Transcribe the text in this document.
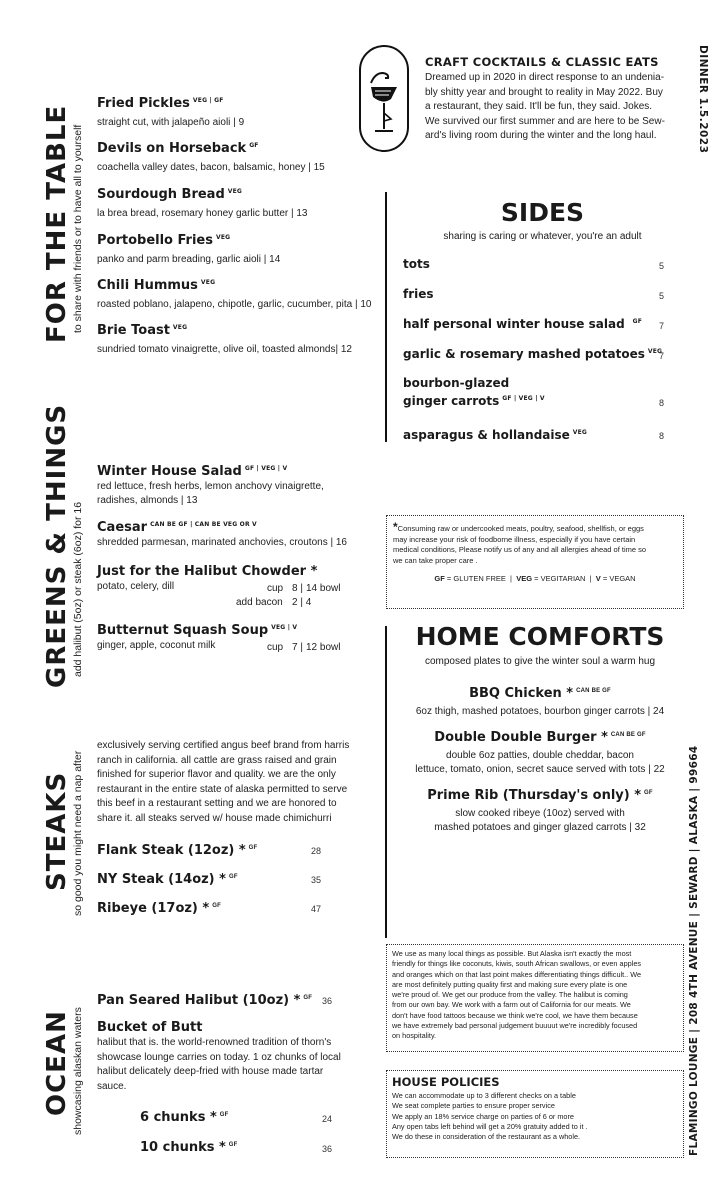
CRAFT COCKTAILS & CLASSIC EATS
Dreamed up in 2020 in direct response to an undenia-
bly shitty year and brought to reality in May 2022. Buy
a restaurant, they said. It'll be fun, they said. Jokes.
We survived our first summer and are here to be Sew-
ard's living room during the winter and the long haul.	DINNER 1.5.2023
FLAMINGO LOUNGE | 208 4TH AVENUE | SEWARD | ALASKA | 99664
FOR THE TABLE to share with friends or to have all to yourself
Fried Pickles $^{VEG | GF}$
straight cut, with jalapeño aioli | 9
Devils on Horseback $^{GF}$
coachella valley dates, bacon, balsamic, honey | 15
Sourdough Bread $^{VEG}$
la brea bread, rosemary honey garlic butter | 13
Portobello Fries $^{VEG}$
panko and parm breading, garlic aioli | 14
Chili Hummus $^{VEG}$
roasted poblano, jalapeno, chipotle, garlic, cucumber, pita | 10
Brie Toast $^{VEG}$
sundried tomato vinaigrette, olive oil, toasted almonds| 12
GREENS & THINGS add halibut (5oz) or steak (6oz) for 16
Winter House Salad $^{GF | VEG | V}$
red lettuce, fresh herbs, lemon anchovy vinaigrette,
radishes, almonds | 13
Caesar $^{CAN BE GF | CAN BE VEG OR V}$
shredded parmesan, marinated anchovies, croutons | 16
Just for the Halibut Chowder *
potato, celery, dill	cup 8 | 14 bowl
add bacon 2 | 4
Butternut Squash Soup $^{VEG | V}$
ginger, apple, coconut milk	cup 7 | 12 bowl
STEAKS so good you might need a nap after
exclusively serving certified angus beef brand from harris
ranch in california. all cattle are grass raised and grain
finished for superior flavor and quality. we are the only
restaurant in the entire state of alaska permitted to serve
this beef in a restaurant setting and we are honored to
share it. all steaks served w/ house made chimichurri
Flank Steak (12oz) * $^{GF}$	28
NY Steak (14oz) * $^{GF}$	35
Ribeye (17oz) * $^{GF}$	47
OCEAN showcasing alaskan waters
Pan Seared Halibut (10oz) * $^{GF}$ 36
Bucket of Butt
halibut that is. the world-renowned tradition of thorn's
showcase lounge carries on today. 1 oz chunks of local
halibut delicately deep-fried with house made tartar
sauce.
6 chunks * $^{GF}$	24
10 chunks * $^{GF}$	36
SIDES
sharing is caring or whatever, you're an adult
tots	5
fries	5
half personal winter house salad $^{GF}$ 7
garlic & rosemary mashed potatoes $^{VEG}$
7
bourbon-glazed
ginger carrots $^{GF | VEG | V}$	8
asparagus & hollandaise $^{VEG}$	8
*Consuming raw or undercooked meats, poultry, seafood, shellfish, or eggs
may increase your risk of foodborne illness, especially if you have certain
medical conditions, Please notify us of any and all allergies ahead of time so
we can take proper care .
GF = GLUTEN FREE  |  VEG = VEGITARIAN  |  V = VEGAN
HOME COMFORTS
composed plates to give the winter soul a warm hug
BBQ Chicken * $^{CAN BE GF}$
6oz thigh, mashed potatoes, bourbon ginger carrots | 24
Double Double Burger * $^{CAN BE GF}$
double 6oz patties, double cheddar, bacon
lettuce, tomato, onion, secret sauce served with tots | 22
Prime Rib (Thursday's only) * $^{GF}$
slow cooked ribeye (10oz) served with
mashed potatoes and ginger glazed carrots | 32
We use as many local things as possible. But Alaska isn't exactly the most
friendly for things like coconuts, kiwis, south African swallows, or even apples
and oranges which on that last point makes differentiating things difficult.. We
are most definitely putting quality first and making sure every plate is one
we're proud of. We get our produce from the valley. The halibut is coming
from our own bay. We work with a farm out of California for our meats. We
don't have food tattoos because we think we're cool, we have them because
we have extremely bad personal judgement buuuut we're incredibly focused
on hospitality.
HOUSE POLICIES
We can accommodate up to 3 different checks on a table
We seat complete parties to ensure proper service
We apply an 18% service charge on parties of 6 or more
Any open tabs left behind will get a 20% gratuity added to it .
We do these in consideration of the restaurant as a whole.
